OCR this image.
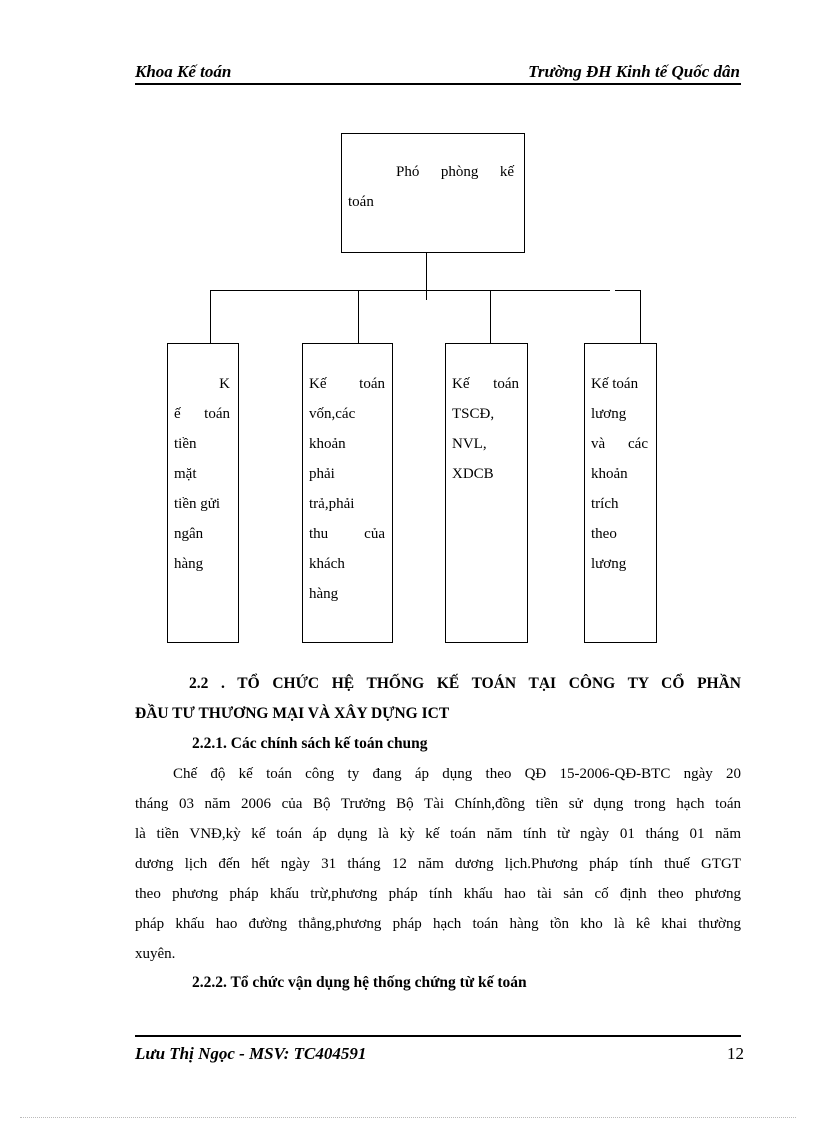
Khoa Kế toán	Trường ĐH Kinh tế Quốc dân

Phó phòng kế

toán

K

ế toán

tiền

mặt

tiền gửi

ngân

hàng

Kế toán

vốn,các

khoản

phải

trả,phải

thu của

khách

hàng

Kế toán

TSCĐ,

NVL,

XDCB

Kế toán

lương

và các

khoản

trích

theo

lương

2.2 . TỔ CHỨC HỆ THỐNG KẾ TOÁN TẠI CÔNG TY CỔ PHẦN
ĐẦU TƯ THƯƠNG MẠI VÀ XÂY DỰNG ICT
2.2.1. Các chính sách kế toán chung
Chế độ kế toán công ty đang áp dụng theo QĐ 15-2006-QĐ-BTC ngày 20
tháng 03 năm 2006 của Bộ Trưởng Bộ Tài Chính,đồng tiền sử dụng trong hạch toán
là tiền VNĐ,kỳ kế toán áp dụng là kỳ kế toán năm tính từ ngày 01 tháng 01 năm
dương lịch đến hết ngày 31 tháng 12 năm dương lịch.Phương pháp tính thuế GTGT
theo phương pháp khấu trừ,phương pháp tính khấu hao tài sản cố định theo phương
pháp khấu hao đường thẳng,phương pháp hạch toán hàng tồn kho là kê khai thường
xuyên.
2.2.2. Tổ chức vận dụng hệ thống chứng từ kế toán
Lưu Thị Ngọc - MSV: TC404591	12
